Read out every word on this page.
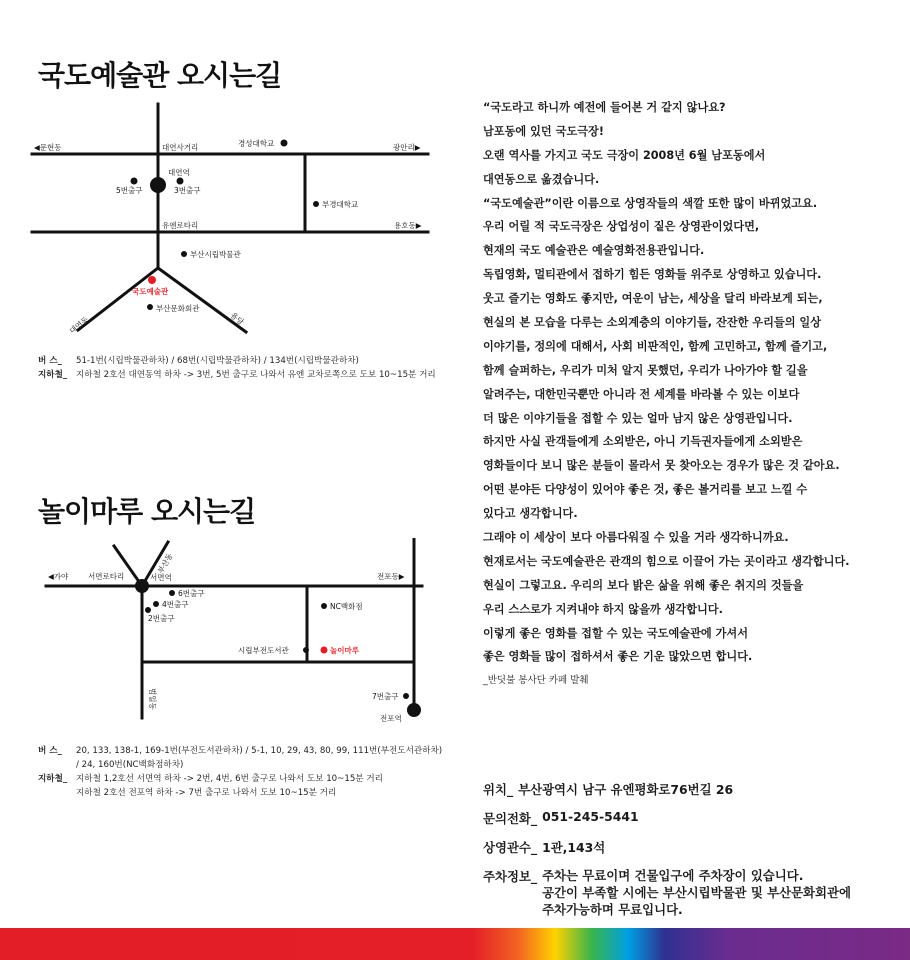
국도예술관 오시는길
◀문현동	광안리▶
대연사거리
용호동▶
유엔로타리
경성대학교
대연역
5번출구	3번출구
부경대학교
부산시립박물관
국도예술관
부산문화회관
대연동	용당
버 스_	51-1번(시립박물관하차) / 68번(시립박물관하차) / 134번(시립박물관하차)
지하철_	지하철 2호선 대연동역 하차 -> 3번, 5번 출구로 나와서 유엔 교차로쪽으로 도보 10~15분 거리
놀이마루 오시는길
◀가야	전포동▶
서면로타리	서면역
6번출구
4번출구
2번출구
NC백화점
시립부전도서관	놀이마루
7번출구
전포역
부산동
범일동
버 스_	20, 133, 138-1, 169-1번(부전도서관하차) / 5-1, 10, 29, 43, 80, 99, 111번(부전도서관하차)
/ 24, 160번(NC백화점하차)
지하철_	지하철 1,2호선 서면역 하차 -> 2번, 4번, 6번 출구로 나와서 도보 10~15분 거리
지하철 2호선 전포역 하차 -> 7번 출구로 나와서 도보 10~15분 거리
“국도라고 하니까 예전에 들어본 거 같지 않나요?
남포동에 있던 국도극장!
오랜 역사를 가지고 국도 극장이 2008년 6월 남포동에서
대연동으로 옮겼습니다.
“국도예술관”이란 이름으로 상영작들의 색깔 또한 많이 바뀌었고요.
우리 어릴 적 국도극장은 상업성이 짙은 상영관이었다면,
현재의 국도 예술관은 예술영화전용관입니다.
독립영화, 멀티관에서 접하기 힘든 영화들 위주로 상영하고 있습니다.
웃고 즐기는 영화도 좋지만, 여운이 남는, 세상을 달리 바라보게 되는,
현실의 본 모습을 다루는 소외계층의 이야기들, 잔잔한 우리들의 일상
이야기를, 정의에 대해서, 사회 비판적인, 함께 고민하고, 함께 즐기고,
함께 슬퍼하는, 우리가 미처 알지 못했던, 우리가 나아가야 할 길을
알려주는, 대한민국뿐만 아니라 전 세계를 바라볼 수 있는 이보다
더 많은 이야기들을 접할 수 있는 얼마 남지 않은 상영관입니다.
하지만 사실 관객들에게 소외받은, 아니 기득권자들에게 소외받은
영화들이다 보니 많은 분들이 몰라서 못 찾아오는 경우가 많은 것 같아요.
어떤 분야든 다양성이 있어야 좋은 것, 좋은 볼거리를 보고 느낄 수
있다고 생각합니다.
그래야 이 세상이 보다 아름다워질 수 있을 거라 생각하니까요.
현재로서는 국도예술관은 관객의 힘으로 이끌어 가는 곳이라고 생각합니다.
현실이 그렇고요. 우리의 보다 밝은 삶을 위해 좋은 취지의 것들을
우리 스스로가 지켜내야 하지 않을까 생각합니다.
이렇게 좋은 영화를 접할 수 있는 국도예술관에 가셔서
좋은 영화들 많이 접하셔서 좋은 기운 많았으면 합니다.
_반딧불 봉사단 카페 발췌
위치_ 부산광역시 남구 유엔평화로76번길 26
문의전화_ 051-245-5441
상영관수_ 1관,143석
주차정보_ 주차는 무료이며 건물입구에 주차장이 있습니다.
공간이 부족할 시에는 부산시립박물관 및 부산문화회관에
주차가능하며 무료입니다.
